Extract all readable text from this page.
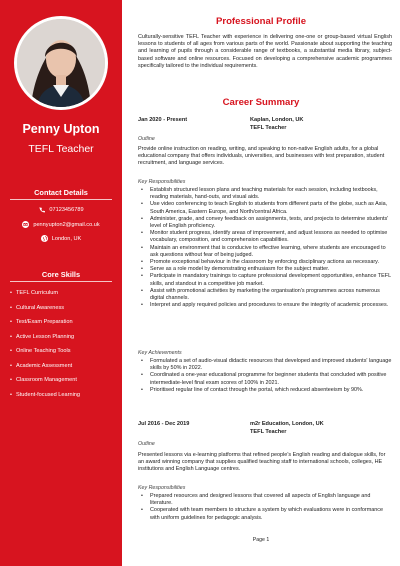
Penny Upton
TEFL Teacher
Contact Details
07123456789
pennyupton2@gmail.co.uk
London, UK
Core Skills
• TEFL Curriculum
• Cultural Awareness
• Test/Exam Preparation
• Active Lesson Planning
• Online Teaching Tools
• Academic Assessment
• Classroom Management
• Student-focused Learning
Professional Profile
Culturally-sensitive TEFL Teacher with experience in delivering one-one or group-based virtual English lessons to students of all ages from various parts of the world. Passionate about supporting the teaching and learning of pupils through a considerable range of textbooks, a substantial media library, subject-based software and online resources. Focused on developing a comprehensive academic programmes specifically tailored to the individual requirements.
Career Summary
Jan 2020 - Present	Kaplan, London, UK
TEFL Teacher
Outline
Provide online instruction on reading, writing, and speaking to non-native English adults, for a global educational company that offers individuals, universities, and businesses with test preparation, student recruitment, and language services.
Key Responsibilities
• Establish structured lesson plans and teaching materials for each session, including textbooks, reading materials, hand-outs, and visual aids.
• Use video conferencing to teach English to students from different parts of the globe, such as Asia, South America, Eastern Europe, and North/central Africa.
• Administer, grade, and convey feedback on assignments, tests, and projects to determine students' level of English proficiency.
• Monitor student progress, identify areas of improvement, and adjust lessons as needed to optimise vocabulary, composition, and comprehension capabilities.
• Maintain an environment that is conducive to effective learning, where students are encouraged to ask questions without fear of being judged.
• Promote exceptional behaviour in the classroom by enforcing disciplinary actions as necessary.
• Serve as a role model by demonstrating enthusiasm for the subject matter.
• Participate in mandatory trainings to capture professional development opportunities, enhance TEFL skills, and standout in a competitive job market.
• Assist with promotional activities by marketing the organisation's programmes across numerous digital channels.
• Interpret and apply required policies and procedures to ensure the integrity of academic processes.
Key Achievements
• Formulated a set of audio-visual didactic resources that developed and improved students' language skills by 50% in 2022.
• Coordinated a one-year educational programme for beginner students that concluded with positive intermediate-level final exam scores of 100% in 2021.
• Prioritised regular line of contact through the portal, which reduced absenteeism by 90%.
Jul 2016 - Dec 2019	m2r Education, London, UK
TEFL Teacher
Outline
Presented lessons via e-learning platforms that refined people's English reading and dialogue skills, for an award winning company that supplies qualified teaching staff to international schools, colleges, HE institutions and English Language centres.
Key Responsibilities
• Prepared resources and designed lessons that covered all aspects of English language and literature.
• Cooperated with team members to structure a system by which evaluations were in conformance with uniform guidelines for pedagogic analysis.
Page 1
